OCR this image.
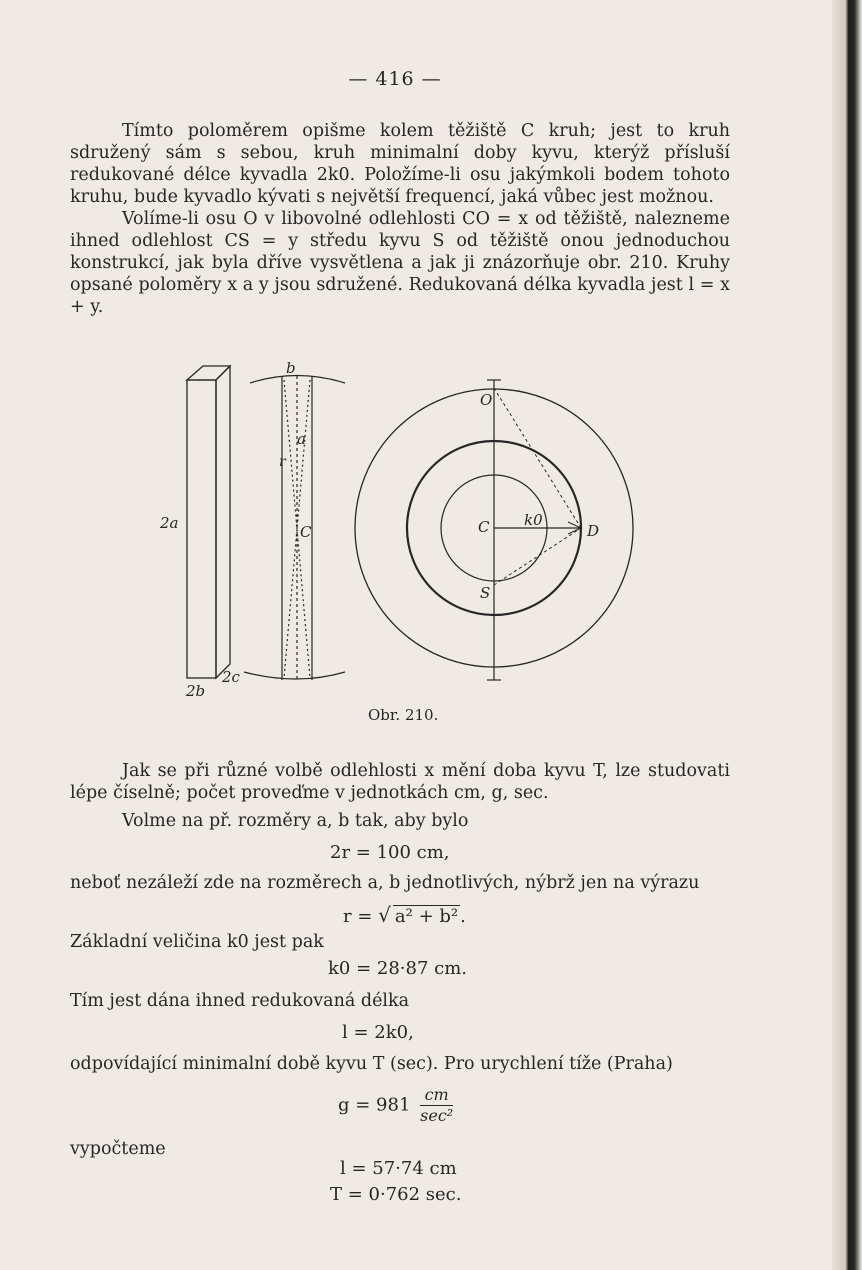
— 416 —

Tímto poloměrem opišme kolem těžiště C kruh; jest to kruh sdružený sám s sebou, kruh minimalní doby kyvu, kterýž přísluší redukované délce kyvadla 2k0. Položíme-li osu jakýmkoli bodem tohoto kruhu, bude kyvadlo kývati s největší frequencí, jaká vůbec jest možnou.

Volíme-li osu O v libovolné odlehlosti CO = x od těžiště, nalezneme ihned odlehlost CS = y středu kyvu S od těžiště onou jednoduchou konstrukcí, jak byla dříve vysvětlena a jak ji znázorňuje obr. 210. Kruhy opsané poloměry x a y jsou sdružené. Redukovaná délka kyvadla jest l = x + y.

b
a
r
C
2a
2b
2c
O
C k0
D
S
Obr. 210.

Jak se při různé volbě odlehlosti x mění doba kyvu T, lze studovati lépe číselně; počet proveďme v jednotkách cm, g, sec.

Volme na př. rozměry a, b tak, aby bylo

2r = 100 cm,
neboť nezáleží zde na rozměrech a, b jednotlivých, nýbrž jen na výrazu
r = √ a² + b² .
Základní veličina k0 jest pak
k0 = 28·87 cm.
Tím jest dána ihned redukovaná délka
l = 2k0,
odpovídající minimalní době kyvu T (sec). Pro urychlení tíže (Praha)
$g = 981 \frac{cm}{\text{sec²}}$
vypočteme
l = 57·74 cm
T = 0·762 sec.
